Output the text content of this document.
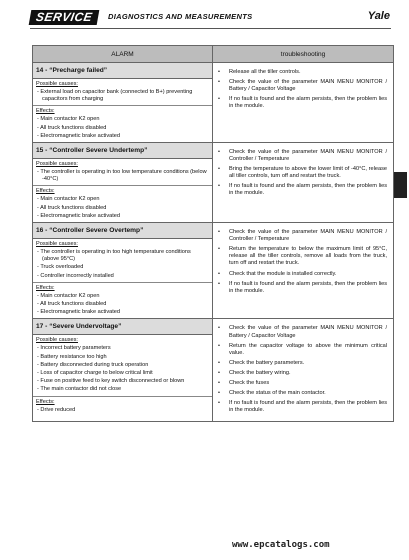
SERVICE	DIAGNOSTICS AND MEASUREMENTS	Yale
ALARM	troubleshooting
14 - “Precharge failed”
Possible causes:
- External load on capacitor bank (connected to B+) preventing capacitors from charging
Effects:
- Main contactor K2 open
- All truck functions disabled
- Electromagnetic brake activated
• Release all the tiller controls.
• Check the value of the parameter MAIN MENU MONITOR / Battery / Capacitor Voltage
• If no fault is found and the alarm persists, then the problem lies in the module.
15 - “Controller Severe Undertemp”
Possible causes:
- The controller is operating in too low temperature conditions (below -40°C)
Effects:
- Main contactor K2 open
- All truck functions disabled
- Electromagnetic brake activated
• Check the value of the parameter MAIN MENU MONITOR / Controller / Temperature
• Bring the temperature to above the lower limit of -40°C, release all tiller controls, turn off and restart the truck.
• If no fault is found and the alarm persists, then the problem lies in the module.
16 - “Controller Severe Overtemp”
Possible causes:
- The controller is operating in too high temperature conditions (above 95°C)
- Truck overloaded
- Controller incorrectly installed
Effects:
- Main contactor K2 open
- All truck functions disabled
- Electromagnetic brake activated
• Check the value of the parameter MAIN MENU MONITOR / Controller / Temperature
• Return the temperature to below the maximum limit of 95°C, release all the tiller controls, remove all loads from the truck, turn off and restart the truck.
• Check that the module is installed correctly.
• If no fault is found and the alarm persists, then the problem lies in the module.
17 - “Severe Undervoltage”
Possible causes:
- Incorrect battery parameters
- Battery resistance too high
- Battery disconnected during truck operation
- Loss of capacitor charge to below critical limit
- Fuse on positive feed to key switch disconnected or blown
- The main contactor did not close
Effects:
- Drive reduced
• Check the value of the parameter MAIN MENU MONITOR / Battery / Capacitor Voltage
• Return the capacitor voltage to above the minimum critical value.
• Check the battery parameters.
• Check the battery wiring.
• Check the fuses
• Check the status of the main contactor.
• If no fault is found and the alarm persists, then the problem lies in the module.
www.epcatalogs.com
